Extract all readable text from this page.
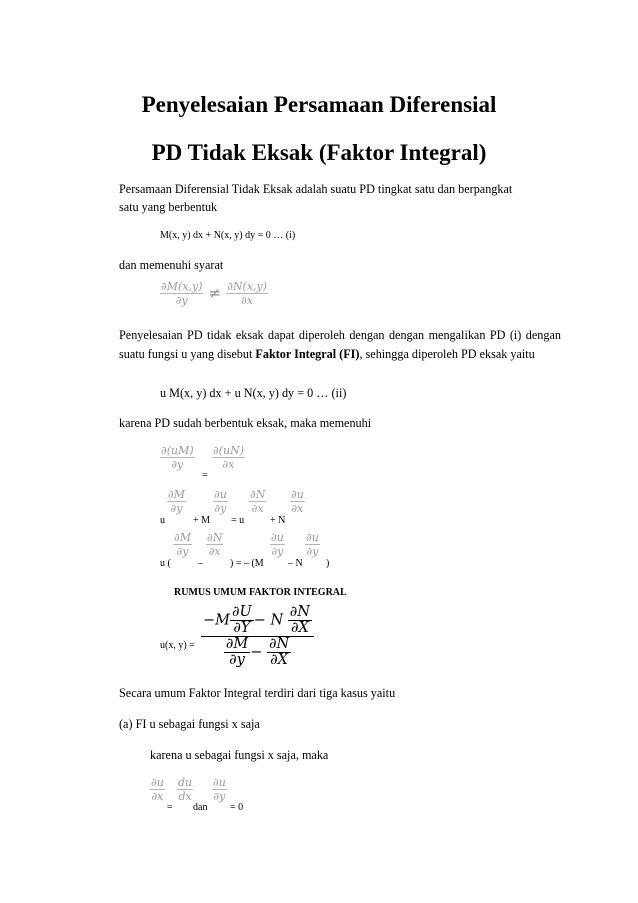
Penyelesaian Persamaan Diferensial
PD Tidak Eksak (Faktor Integral)
Persamaan Diferensial Tidak Eksak adalah suatu PD tingkat satu dan berpangkat
satu yang berbentuk
M(x, y) dx + N(x, y) dy = 0 … (i)
dan memenuhi syarat
$\frac{\partial M(x,y)}{\partial y} \ne \frac{\partial N(x,y)}{\partial x}$
Penyelesaian PD tidak eksak dapat diperoleh dengan dengan mengalikan PD (i) dengan suatu fungsi u yang disebut Faktor Integral (FI), sehingga diperoleh PD eksak yaitu
u M(x, y) dx + u N(x, y) dy = 0 … (ii)
karena PD sudah berbentuk eksak, maka memenuhi
$\frac{\partial(uM)}{\partial y}$
=
$\frac{\partial(uN)}{\partial x}$
u
$\frac{\partial M}{\partial y}$
+ M
$\frac{\partial u}{\partial y}$
= u
$\frac{\partial N}{\partial x}$
+ N
$\frac{\partial u}{\partial x}$
u (
$\frac{\partial M}{\partial y}$
–
$\frac{\partial N}{\partial x}$
) = – (M
$\frac{\partial u}{\partial y}$
– N
$\frac{\partial u}{\partial y}$
)
RUMUS UMUM FAKTOR INTEGRAL
u(x, $y) = \frac{-M \frac{\partial U}{\partial Y} - N \frac{\partial N}{\partial X}}{\frac{\partial M}{\partial y} - \frac{\partial N}{\partial X}}$
Secara umum Faktor Integral terdiri dari tiga kasus yaitu
(a) FI u sebagai fungsi x saja
karena u sebagai fungsi x saja, maka
$\frac{\partial u}{\partial x}$
=
$\frac{du}{dx}$
dan
$\frac{\partial u}{\partial y}$
= 0
